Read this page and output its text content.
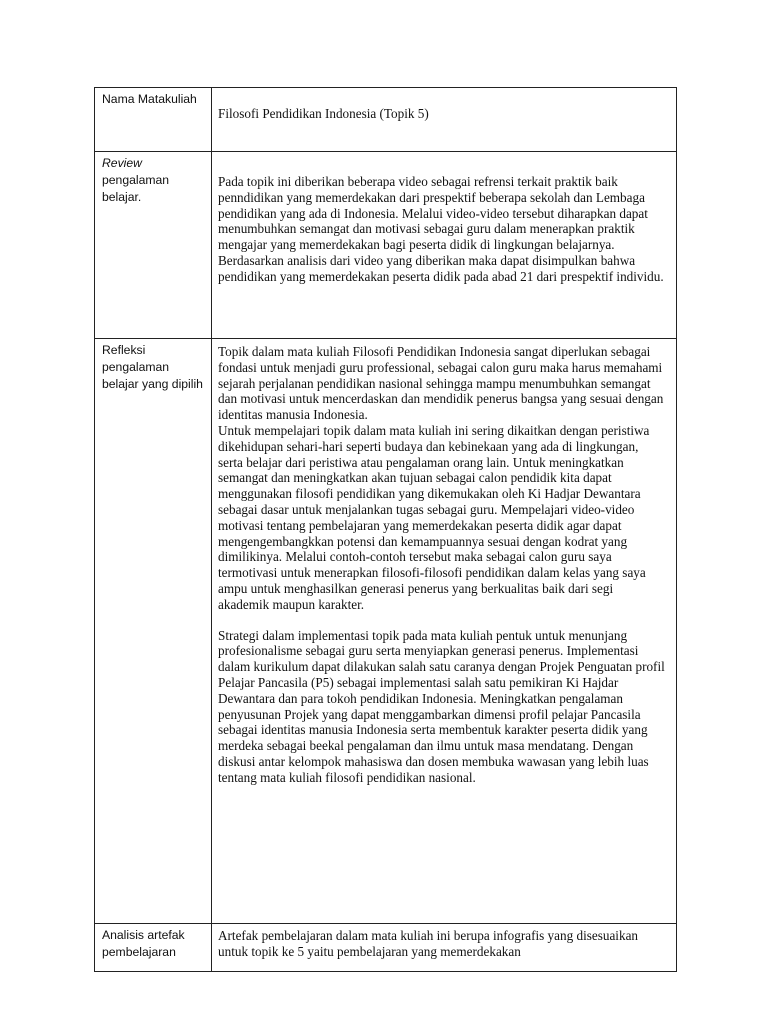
Nama Matakuliah	Filosofi Pendidikan Indonesia (Topik 5)

Review
pengalaman belajar.	Pada topik ini diberikan beberapa video sebagai refrensi terkait praktik baik penndidikan yang memerdekakan dari prespektif beberapa sekolah dan Lembaga pendidikan yang ada di Indonesia. Melalui video-video tersebut diharapkan dapat menumbuhkan semangat dan motivasi sebagai guru dalam menerapkan praktik mengajar yang memerdekakan bagi peserta didik di lingkungan belajarnya. Berdasarkan analisis dari video yang diberikan maka dapat disimpulkan bahwa pendidikan yang memerdekakan peserta didik pada abad 21 dari prespektif individu.

Refleksi pengalaman belajar yang dipilih	Topik dalam mata kuliah Filosofi Pendidikan Indonesia sangat diperlukan sebagai fondasi untuk menjadi guru professional, sebagai calon guru maka harus memahami sejarah perjalanan pendidikan nasional sehingga mampu menumbuhkan semangat dan motivasi untuk mencerdaskan dan mendidik penerus bangsa yang sesuai dengan identitas manusia Indonesia.

Untuk mempelajari topik dalam mata kuliah ini sering dikaitkan dengan peristiwa dikehidupan sehari-hari seperti budaya dan kebinekaan yang ada di lingkungan, serta belajar dari peristiwa atau pengalaman orang lain. Untuk meningkatkan semangat dan meningkatkan akan tujuan sebagai calon pendidik kita dapat menggunakan filosofi pendidikan yang dikemukakan oleh Ki Hadjar Dewantara sebagai dasar untuk menjalankan tugas sebagai guru. Mempelajari video-video motivasi tentang pembelajaran yang memerdekakan peserta didik agar dapat mengengembangkkan potensi dan kemampuannya sesuai dengan kodrat yang dimilikinya. Melalui contoh-contoh tersebut maka sebagai calon guru saya termotivasi untuk menerapkan filosofi-filosofi pendidikan dalam kelas yang saya ampu untuk menghasilkan generasi penerus yang berkualitas baik dari segi akademik maupun karakter.

Strategi dalam implementasi topik pada mata kuliah pentuk untuk menunjang profesionalisme sebagai guru serta menyiapkan generasi penerus. Implementasi dalam kurikulum dapat dilakukan salah satu caranya dengan Projek Penguatan profil Pelajar Pancasila (P5) sebagai implementasi salah satu pemikiran Ki Hajdar Dewantara dan para tokoh pendidikan Indonesia. Meningkatkan pengalaman penyusunan Projek yang dapat menggambarkan dimensi profil pelajar Pancasila sebagai identitas manusia Indonesia serta membentuk karakter peserta didik yang merdeka sebagai beekal pengalaman dan ilmu untuk masa mendatang. Dengan diskusi antar kelompok mahasiswa dan dosen membuka wawasan yang lebih luas tentang mata kuliah filosofi pendidikan nasional.

Analisis artefak pembelajaran	Artefak pembelajaran dalam mata kuliah ini berupa infografis yang disesuaikan untuk topik ke 5 yaitu pembelajaran yang memerdekakan
